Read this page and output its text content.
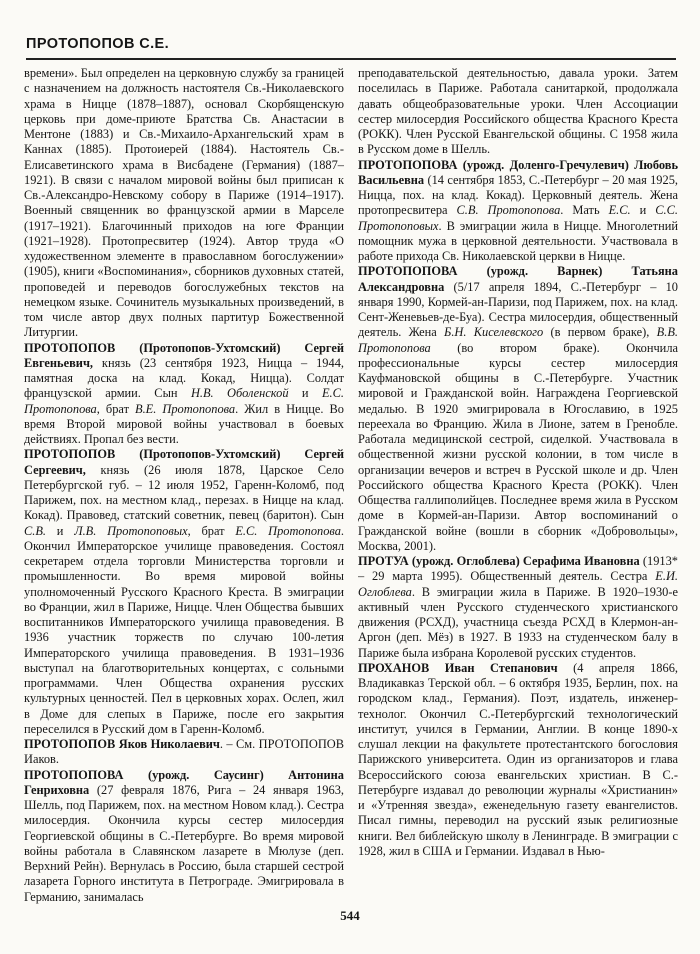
ПРОТОПОПОВ С.Е.

времени». Был определен на церковную службу за границей с назначением на должность настоятеля Св.-Николаевского храма в Ницце (1878–1887), основал Скорбященскую церковь при доме-приюте Братства Св. Анастасии в Ментоне (1883) и Св.-Михаило-Архангельский храм в Каннах (1885). Протоиерей (1884). Настоятель Св.-Елисаветинского храма в Висбадене (Германия) (1887–1921). В связи с началом мировой войны был приписан к Св.-Александро-Невскому собору в Париже (1914–1917). Военный священник во французской армии в Марселе (1917–1921). Благочинный приходов на юге Франции (1921–1928). Протопресвитер (1924). Автор труда «О художественном элементе в православном богослужении» (1905), книги «Воспоминания», сборников духовных статей, проповедей и переводов богослужебных текстов на немецком языке. Сочинитель музыкальных произведений, в том числе автор двух полных партитур Божественной Литургии.

ПРОТОПОПОВ (Протопопов-Ухтомский) Сергей Евгеньевич, князь (23 сентября 1923, Ницца – 1944, памятная доска на клад. Кокад, Ницца). Солдат французской армии. Сын Н.В. Оболенской и Е.С. Протопопова, брат В.Е. Протопопова. Жил в Ницце. Во время Второй мировой войны участвовал в боевых действиях. Пропал без вести.

ПРОТОПОПОВ (Протопопов-Ухтомский) Сергей Сергеевич, князь (26 июля 1878, Царское Село Петербургской губ. – 12 июля 1952, Гаренн-Коломб, под Парижем, пох. на местном клад., перезах. в Ницце на клад. Кокад). Правовед, статский советник, певец (баритон). Сын С.В. и Л.В. Протопоповых, брат Е.С. Протопопова. Окончил Императорское училище правоведения. Состоял секретарем отдела торговли Министерства торговли и промышленности. Во время мировой войны уполномоченный Русского Красного Креста. В эмиграции во Франции, жил в Париже, Ницце. Член Общества бывших воспитанников Императорского училища правоведения. В 1936 участник торжеств по случаю 100-летия Императорского училища правоведения. В 1931–1936 выступал на благотворительных концертах, с сольными программами. Член Общества охранения русских культурных ценностей. Пел в церковных хорах. Ослеп, жил в Доме для слепых в Париже, после его закрытия переселился в Русский дом в Гаренн-Коломб.

ПРОТОПОПОВ Яков Николаевич. – См. ПРОТОПОПОВ Иаков.

ПРОТОПОПОВА (урожд. Саусинг) Антонина Генриховна (27 февраля 1876, Рига – 24 января 1963, Шелль, под Парижем, пох. на местном Новом клад.). Сестра милосердия. Окончила курсы сестер милосердия Георгиевской общины в С.-Петербурге. Во время мировой войны работала в Славянском лазарете в Мюлузе (деп. Верхний Рейн). Вернулась в Россию, была старшей сестрой лазарета Горного института в Петрограде. Эмигрировала в Германию, занималась

преподавательской деятельностью, давала уроки. Затем поселилась в Париже. Работала санитаркой, продолжала давать общеобразовательные уроки. Член Ассоциации сестер милосердия Российского общества Красного Креста (РОКК). Член Русской Евангельской общины. С 1958 жила в Русском доме в Шелль.

ПРОТОПОПОВА (урожд. Доленго-Гречулевич) Любовь Васильевна (14 сентября 1853, С.-Петербург – 20 мая 1925, Ницца, пох. на клад. Кокад). Церковный деятель. Жена протопресвитера С.В. Протопопова. Мать Е.С. и С.С. Протопоповых. В эмиграции жила в Ницце. Многолетний помощник мужа в церковной деятельности. Участвовала в работе прихода Св. Николаевской церкви в Ницце.

ПРОТОПОПОВА (урожд. Варнек) Татьяна Александровна (5/17 апреля 1894, С.-Петербург – 10 января 1990, Кормей-ан-Паризи, под Парижем, пох. на клад. Сент-Женевьев-де-Буа). Сестра милосердия, общественный деятель. Жена Б.Н. Киселевского (в первом браке), В.В. Протопопова (во втором браке). Окончила профессиональные курсы сестер милосердия Кауфмановской общины в С.-Петербурге. Участник мировой и Гражданской войн. Награждена Георгиевской медалью. В 1920 эмигрировала в Югославию, в 1925 переехала во Францию. Жила в Лионе, затем в Гренобле. Работала медицинской сестрой, сиделкой. Участвовала в общественной жизни русской колонии, в том числе в организации вечеров и встреч в Русской школе и др. Член Российского общества Красного Креста (РОКК). Член Общества галлиполийцев. Последнее время жила в Русском доме в Кормей-ан-Паризи. Автор воспоминаний о Гражданской войне (вошли в сборник «Добровольцы», Москва, 2001).

ПРОТУА (урожд. Оглоблева) Серафима Ивановна (1913* – 29 марта 1995). Общественный деятель. Сестра Е.И. Оглоблева. В эмиграции жила в Париже. В 1920–1930-е активный член Русского студенческого христианского движения (РСХД), участница съезда РСХД в Клермон-ан-Аргон (деп. Мёз) в 1927. В 1933 на студенческом балу в Париже была избрана Королевой русских студентов.

ПРОХАНОВ Иван Степанович (4 апреля 1866, Владикавказ Терской обл. – 6 октября 1935, Берлин, пох. на городском клад., Германия). Поэт, издатель, инженер-технолог. Окончил С.-Петербургский технологический институт, учился в Германии, Англии. В конце 1890-х слушал лекции на факультете протестантского богословия Парижского университета. Один из организаторов и глава Всероссийского союза евангельских христиан. В С.-Петербурге издавал до революции журналы «Христианин» и «Утренняя звезда», еженедельную газету евангелистов. Писал гимны, переводил на русский язык религиозные книги. Вел библейскую школу в Ленинграде. В эмиграции с 1928, жил в США и Германии. Издавал в Нью-

544
